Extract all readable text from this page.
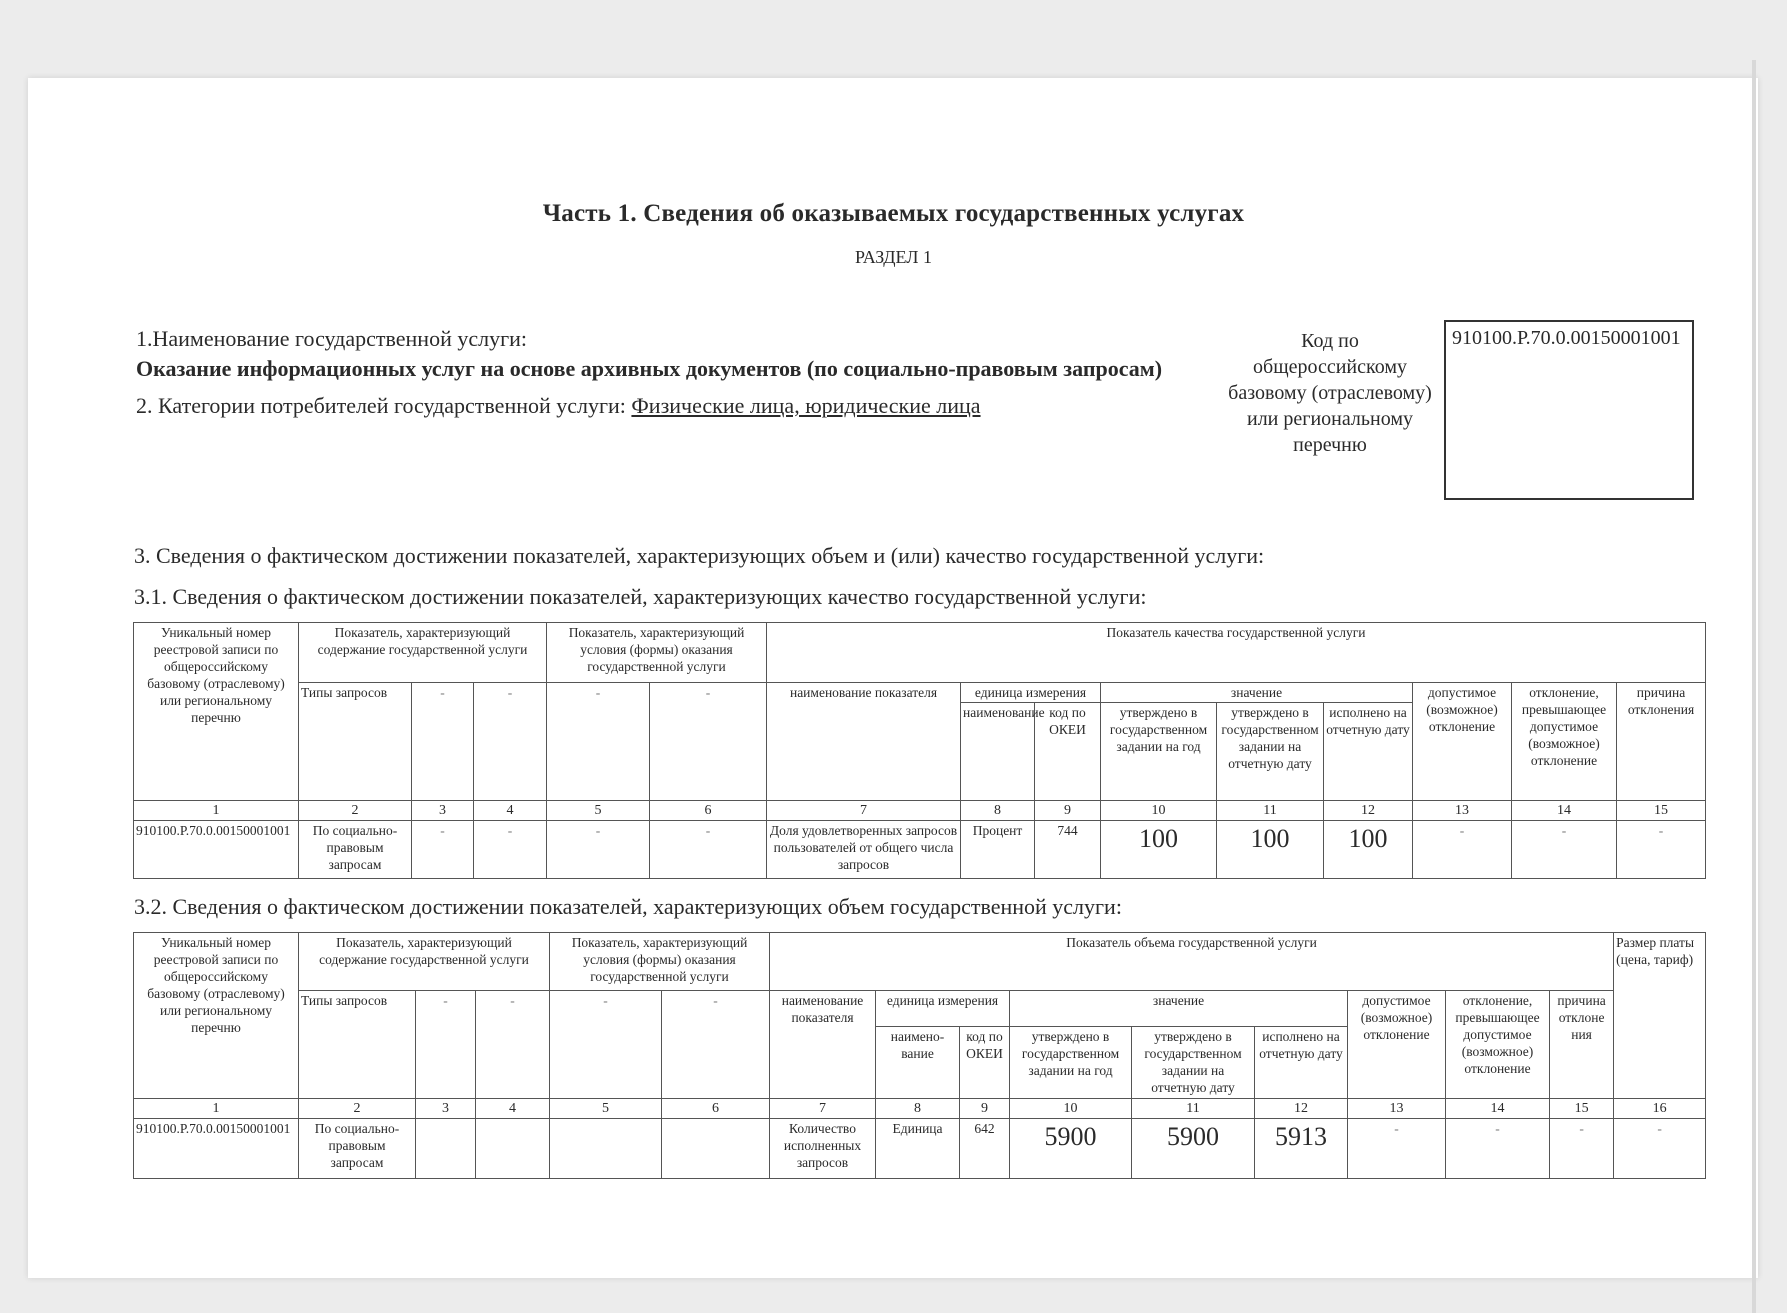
Часть 1. Сведения об оказываемых государственных услугах
РАЗДЕЛ 1
1.Наименование государственной услуги:
Оказание информационных услуг на основе архивных документов (по социально-правовым запросам)
2. Категории потребителей государственной услуги: Физические лица, юридические лица
Код по общероссийскому базовому (отраслевому) или региональному перечню
910100.Р.70.0.00150001001
3. Сведения о фактическом достижении показателей, характеризующих объем и (или) качество государственной услуги:
3.1. Сведения о фактическом достижении показателей, характеризующих качество государственной услуги:
Уникальный номер реестровой записи по общероссийскому базовому (отраслевому) или региональному перечню	Показатель, характеризующий содержание государственной услуги			Показатель, характеризующий условия (формы) оказания государственной услуги		Показатель качества государственной услуги								
	Типы запросов	-	-	-	-	наименование показателя	единица измерения		значение			допустимое (возможное) отклонение	отклонение, превышающее допустимое (возможное) отклонение	причина отклонения
							наименование	код по ОКЕИ	утверждено в государственном задании на год	утверждено в государственном задании на отчетную дату	исполнено на отчетную дату			
1	2	3	4	5	6	7	8	9	10	11	12	13	14	15
910100.Р.70.0.00150001001	По социально-правовым запросам	-	-	-	-	Доля удовлетворенных запросов пользователей от общего числа запросов	Процент	744	100	100	100	-	-	-
3.2. Сведения о фактическом достижении показателей, характеризующих объем государственной услуги:
Уникальный номер реестровой записи по общероссийскому базовому (отраслевому) или региональному перечню	Показатель, характеризующий содержание государственной услуги			Показатель, характеризующий условия (формы) оказания государственной услуги		Показатель объема государственной услуги									Размер платы (цена, тариф)
	Типы запросов	-	-	-	-	наименование показателя	единица измерения		значение			допустимое (возможное) отклонение	отклонение, превышающее допустимое (возможное) отклонение	причина отклоне ния	
							наимено-вание	код по ОКЕИ	утверждено в государственном задании на год	утверждено в государственном задании на отчетную дату	исполнено на отчетную дату				
1	2	3	4	5	6	7	8	9	10	11	12	13	14	15	16
910100.Р.70.0.00150001001	По социально-правовым запросам					Количество исполненных запросов	Единица	642	5900	5900	5913	-	-	-	-
